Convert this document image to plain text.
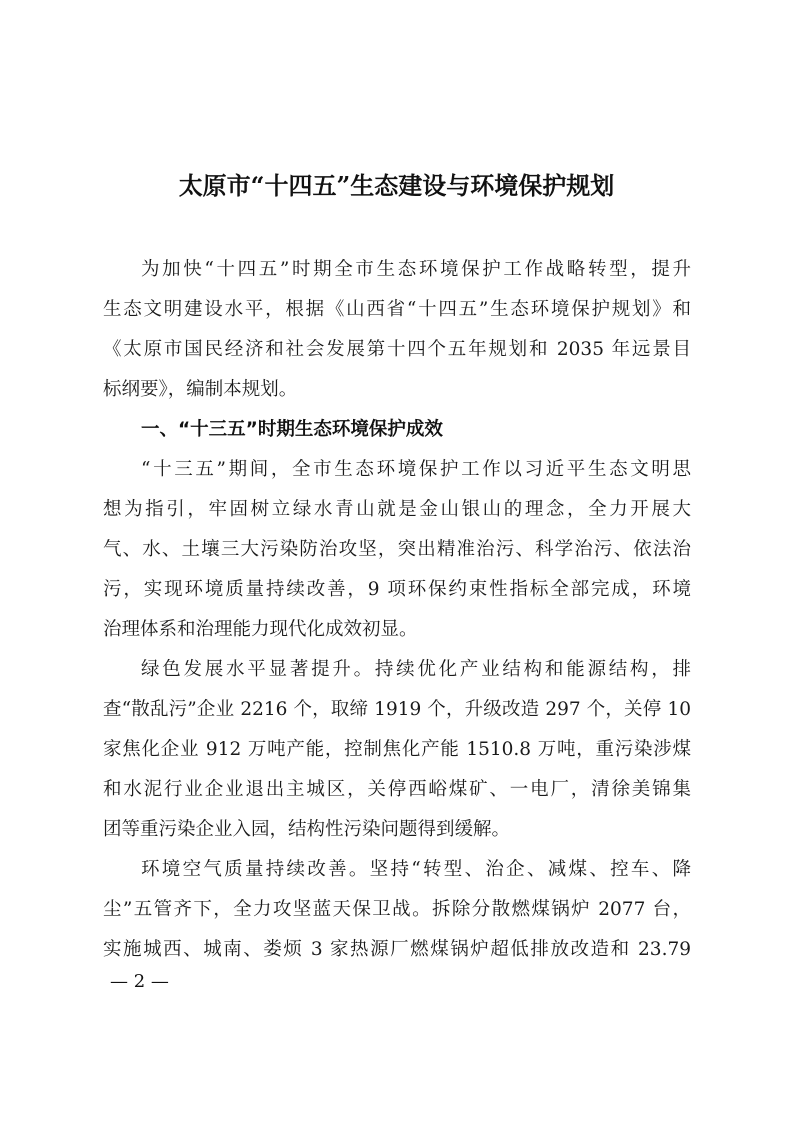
太原市“十四五”生态建设与环境保护规划
为加快“十四五”时期全市生态环境保护工作战略转型，提升
生态文明建设水平，根据《山西省“十四五”生态环境保护规划》和
《太原市国民经济和社会发展第十四个五年规划和 2035 年远景目
标纲要》，编制本规划。
一、“十三五”时期生态环境保护成效
“十三五”期间，全市生态环境保护工作以习近平生态文明思
想为指引，牢固树立绿水青山就是金山银山的理念，全力开展大
气、水、土壤三大污染防治攻坚，突出精准治污、科学治污、依法治
污，实现环境质量持续改善，9 项环保约束性指标全部完成，环境
治理体系和治理能力现代化成效初显。
绿色发展水平显著提升。持续优化产业结构和能源结构，排
查“散乱污”企业 2216 个，取缔 1919 个，升级改造 297 个，关停 10
家焦化企业 912 万吨产能，控制焦化产能 1510.8 万吨，重污染涉煤
和水泥行业企业退出主城区，关停西峪煤矿、一电厂，清徐美锦集
团等重污染企业入园，结构性污染问题得到缓解。
环境空气质量持续改善。坚持“转型、治企、减煤、控车、降
尘”五管齐下，全力攻坚蓝天保卫战。拆除分散燃煤锅炉 2077 台，
实施城西、城南、娄烦 3 家热源厂燃煤锅炉超低排放改造和 23.79
— 2 —
